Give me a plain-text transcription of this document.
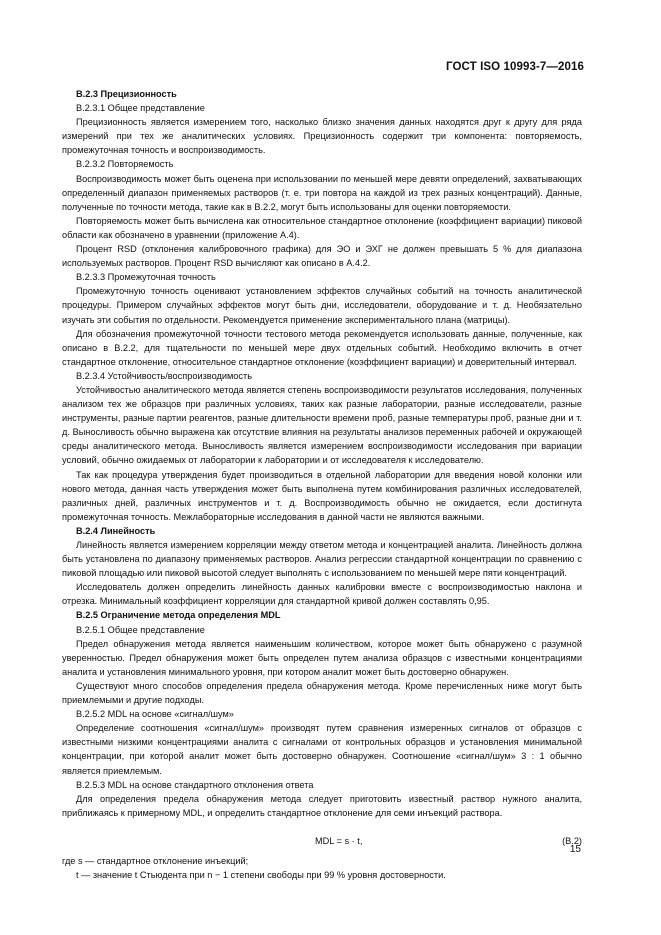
ГОСТ ISO 10993-7—2016

B.2.3 Прецизионность

B.2.3.1 Общее представление

Прецизионность является измерением того, насколько близко значения данных находятся друг к другу для ряда измерений при тех же аналитических условиях. Прецизионность содержит три компонента: повторяемость, промежуточная точность и воспроизводимость.

B.2.3.2 Повторяемость

Воспроизводимость может быть оценена при использовании по меньшей мере девяти определений, захватывающих определенный диапазон применяемых растворов (т. е. три повтора на каждой из трех разных концентраций). Данные, полученные по точности метода, такие как в B.2.2, могут быть использованы для оценки повторяемости.

Повторяемость может быть вычислена как относительное стандартное отклонение (коэффициент вариации) пиковой области как обозначено в уравнении (приложение А.4).

Процент RSD (отклонения калибровочного графика) для ЭО и ЭХГ не должен превышать 5 % для диапазона используемых растворов. Процент RSD вычисляют как описано в А.4.2.

B.2.3.3 Промежуточная точность

Промежуточную точность оценивают установлением эффектов случайных событий на точность аналитической процедуры. Примером случайных эффектов могут быть дни, исследователи, оборудование и т. д. Необязательно изучать эти события по отдельности. Рекомендуется применение экспериментального плана (матрицы).

Для обозначения промежуточной точности тестового метода рекомендуется использовать данные, полученные, как описано в B.2.2, для тщательности по меньшей мере двух отдельных событий. Необходимо включить в отчет стандартное отклонение, относительное стандартное отклонение (коэффициент вариации) и доверительный интервал.

B.2.3.4 Устойчивость/воспроизводимость

Устойчивостью аналитического метода является степень воспроизводимости результатов исследования, полученных анализом тех же образцов при различных условиях, таких как разные лаборатории, разные исследователи, разные инструменты, разные партии реагентов, разные длительности времени проб, разные температуры проб, разные дни и т. д. Выносливость обычно выражена как отсутствие влияния на результаты анализов переменных рабочей и окружающей среды аналитического метода. Выносливость является измерением воспроизводимости исследования при вариации условий, обычно ожидаемых от лаборатории к лаборатории и от исследователя к исследователю.

Так как процедура утверждения будет производиться в отдельной лаборатории для введения новой колонки или нового метода, данная часть утверждения может быть выполнена путем комбинирования различных исследователей, различных дней, различных инструментов и т. д. Воспроизводимость обычно не ожидается, если достигнута промежуточная точность. Межлабораторные исследования в данной части не являются важными.

B.2.4 Линейность

Линейность является измерением корреляции между ответом метода и концентрацией аналита. Линейность должна быть установлена по диапазону применяемых растворов. Анализ регрессии стандартной концентрации по сравнению с пиковой площадью или пиковой высотой следует выполнять с использованием по меньшей мере пяти концентраций.

Исследователь должен определить линейность данных калибровки вместе с воспроизводимостью наклона и отрезка. Минимальный коэффициент корреляции для стандартной кривой должен составлять 0,95.

B.2.5 Ограничение метода определения MDL

B.2.5.1 Общее представление

Предел обнаружения метода является наименьшим количеством, которое может быть обнаружено с разумной уверенностью. Предел обнаружения может быть определен путем анализа образцов с известными концентрациями аналита и установления минимального уровня, при котором аналит может быть достоверно обнаружен.

Существуют много способов определения предела обнаружения метода. Кроме перечисленных ниже могут быть приемлемыми и другие подходы.

B.2.5.2 MDL на основе «сигнал/шум»

Определение соотношения «сигнал/шум» производят путем сравнения измеренных сигналов от образцов с известными низкими концентрациями аналита с сигналами от контрольных образцов и установления минимальной концентрации, при которой аналит может быть достоверно обнаружен. Соотношение «сигнал/шум» 3 : 1 обычно является приемлемым.

B.2.5.3 MDL на основе стандартного отклонения ответа

Для определения предела обнаружения метода следует приготовить известный раствор нужного аналита, приближаясь к примерному MDL, и определить стандартное отклонение для семи инъекций раствора.

MDL = s · t,	(B.2)

где s — стандартное отклонение инъекций;

t — значение t Стьюдента при n − 1 степени свободы при 99 % уровня достоверности.

15
